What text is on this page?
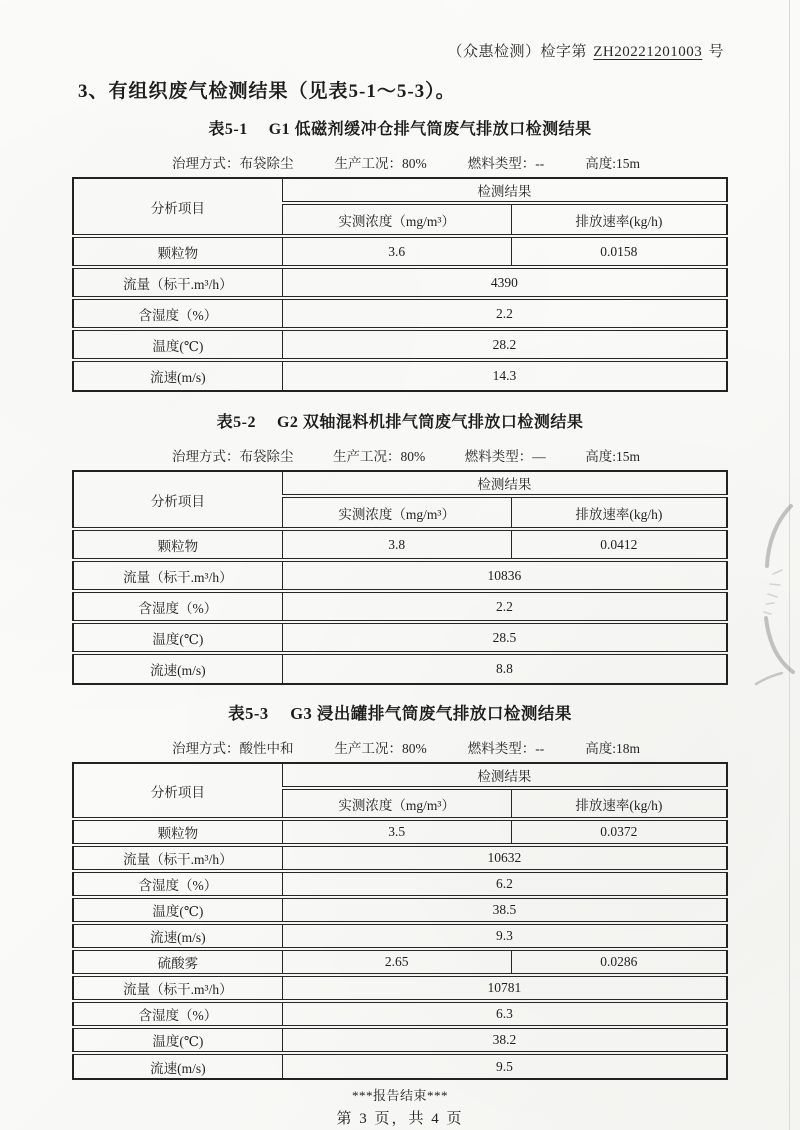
（众惠检测）检字第 ZH20221201003 号
3、有组织废气检测结果（见表5-1～5-3）。
表5-1　 G1 低磁剂缓冲仓排气筒废气排放口检测结果
治理方式：布袋除尘	生产工况：80%	燃料类型：--	高度:15m
分析项目	检测结果	
	实测浓度（mg/m³）	排放速率(kg/h)
颗粒物	3.6	0.0158
流量（标干.m³/h）	4390	
含湿度（%）	2.2	
温度(℃)	28.2	
流速(m/s)	14.3	
表5-2　 G2 双轴混料机排气筒废气排放口检测结果
治理方式：布袋除尘	生产工况：80%	燃料类型：—	高度:15m
分析项目	检测结果	
	实测浓度（mg/m³）	排放速率(kg/h)
颗粒物	3.8	0.0412
流量（标干.m³/h）	10836	
含湿度（%）	2.2	
温度(℃)	28.5	
流速(m/s)	8.8	
表5-3　 G3 浸出罐排气筒废气排放口检测结果
治理方式：酸性中和	生产工况：80%	燃料类型：--	高度:18m
分析项目	检测结果	
	实测浓度（mg/m³）	排放速率(kg/h)
颗粒物	3.5	0.0372
流量（标干.m³/h）	10632	
含湿度（%）	6.2	
温度(℃)	38.5	
流速(m/s)	9.3	
硫酸雾	2.65	0.0286
流量（标干.m³/h）	10781	
含湿度（%）	6.3	
温度(℃)	38.2	
流速(m/s)	9.5	
***报告结束***
第 3 页，共 4 页
